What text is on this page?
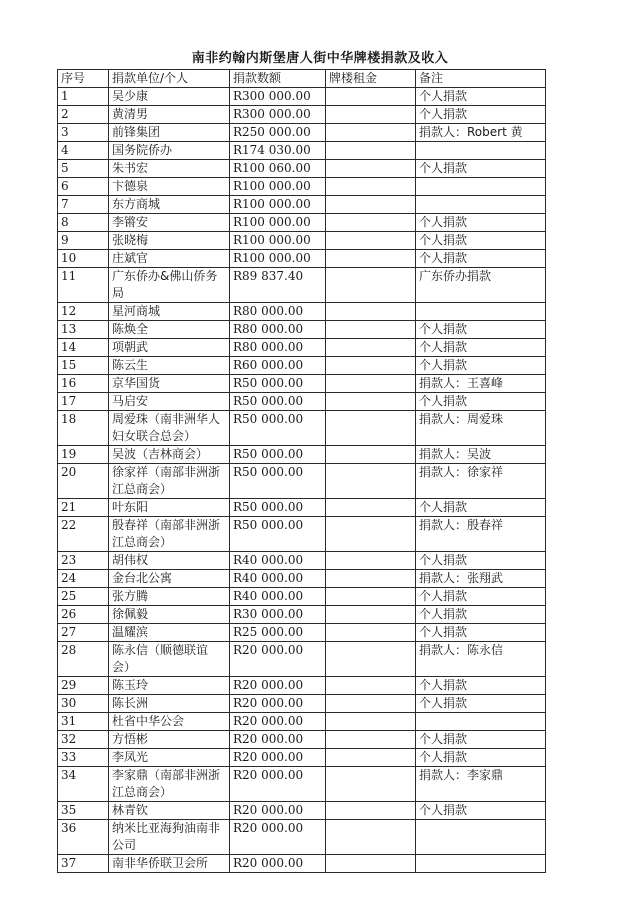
南非约翰内斯堡唐人街中华牌楼捐款及收入
序号	捐款单位/个人	捐款数额	牌楼租金	备注
1	吴少康	R300 000.00		个人捐款
2	黄清男	R300 000.00		个人捐款
3	前锋集团	R250 000.00		捐款人：Robert 黄
4	国务院侨办	R174 030.00		
5	朱书宏	R100 060.00		个人捐款
6	卞德泉	R100 000.00		
7	东方商城	R100 000.00		
8	李锵安	R100 000.00		个人捐款
9	张晓梅	R100 000.00		个人捐款
10	庄斌官	R100 000.00		个人捐款
11	广东侨办&佛山侨务局	R89 837.40		广东侨办捐款
12	星河商城	R80 000.00		
13	陈焕全	R80 000.00		个人捐款
14	项朝武	R80 000.00		个人捐款
15	陈云生	R60 000.00		个人捐款
16	京华国货	R50 000.00		捐款人：王喜峰
17	马启安	R50 000.00		个人捐款
18	周爱珠（南非洲华人妇女联合总会）	R50 000.00		捐款人：周爱珠
19	吴波（吉林商会）	R50 000.00		捐款人：吴波
20	徐家祥（南部非洲浙江总商会）	R50 000.00		捐款人：徐家祥
21	叶东阳	R50 000.00		个人捐款
22	殷春祥（南部非洲浙江总商会）	R50 000.00		捐款人：殷春祥
23	胡伟权	R40 000.00		个人捐款
24	金台北公寓	R40 000.00		捐款人：张翔武
25	张方腾	R40 000.00		个人捐款
26	徐佩毅	R30 000.00		个人捐款
27	温耀滨	R25 000.00		个人捐款
28	陈永信（顺德联谊会）	R20 000.00		捐款人：陈永信
29	陈玉玲	R20 000.00		个人捐款
30	陈长洲	R20 000.00		个人捐款
31	杜省中华公会	R20 000.00		
32	方悟彬	R20 000.00		个人捐款
33	李凤光	R20 000.00		个人捐款
34	李家鼎（南部非洲浙江总商会）	R20 000.00		捐款人：李家鼎
35	林青钦	R20 000.00		个人捐款
36	纳米比亚海狗油南非公司	R20 000.00		
37	南非华侨联卫会所	R20 000.00		
